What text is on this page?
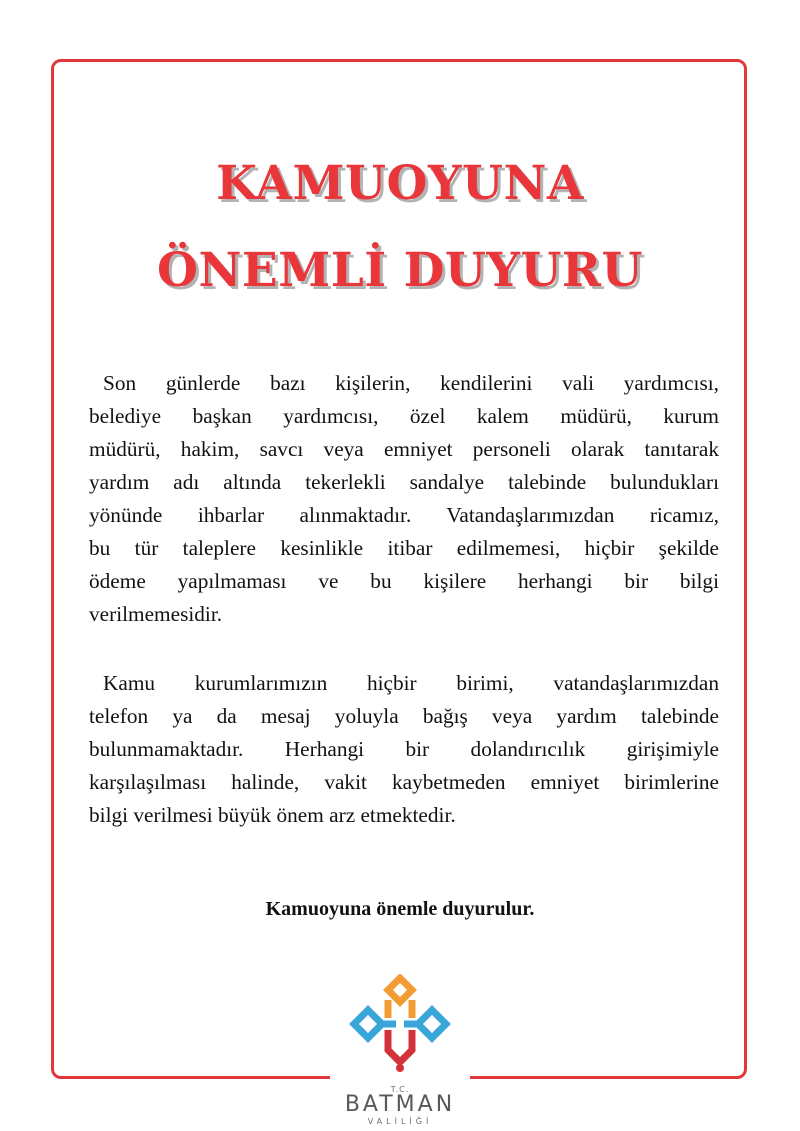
KAMUOYUNA
ÖNEMLİ DUYURU
Son günlerde bazı kişilerin, kendilerini vali yardımcısı,
belediye başkan yardımcısı, özel kalem müdürü, kurum
müdürü, hakim, savcı veya emniyet personeli olarak tanıtarak
yardım adı altında tekerlekli sandalye talebinde bulundukları
yönünde ihbarlar alınmaktadır. Vatandaşlarımızdan ricamız,
bu tür taleplere kesinlikle itibar edilmemesi, hiçbir şekilde
ödeme yapılmaması ve bu kişilere herhangi bir bilgi
verilmemesidir.
Kamu kurumlarımızın hiçbir birimi, vatandaşlarımızdan
telefon ya da mesaj yoluyla bağış veya yardım talebinde
bulunmamaktadır. Herhangi bir dolandırıcılık girişimiyle
karşılaşılması halinde, vakit kaybetmeden emniyet birimlerine
bilgi verilmesi büyük önem arz etmektedir.
Kamuoyuna önemle duyurulur.
T.C.
BATMAN
VALİLİĞİ
